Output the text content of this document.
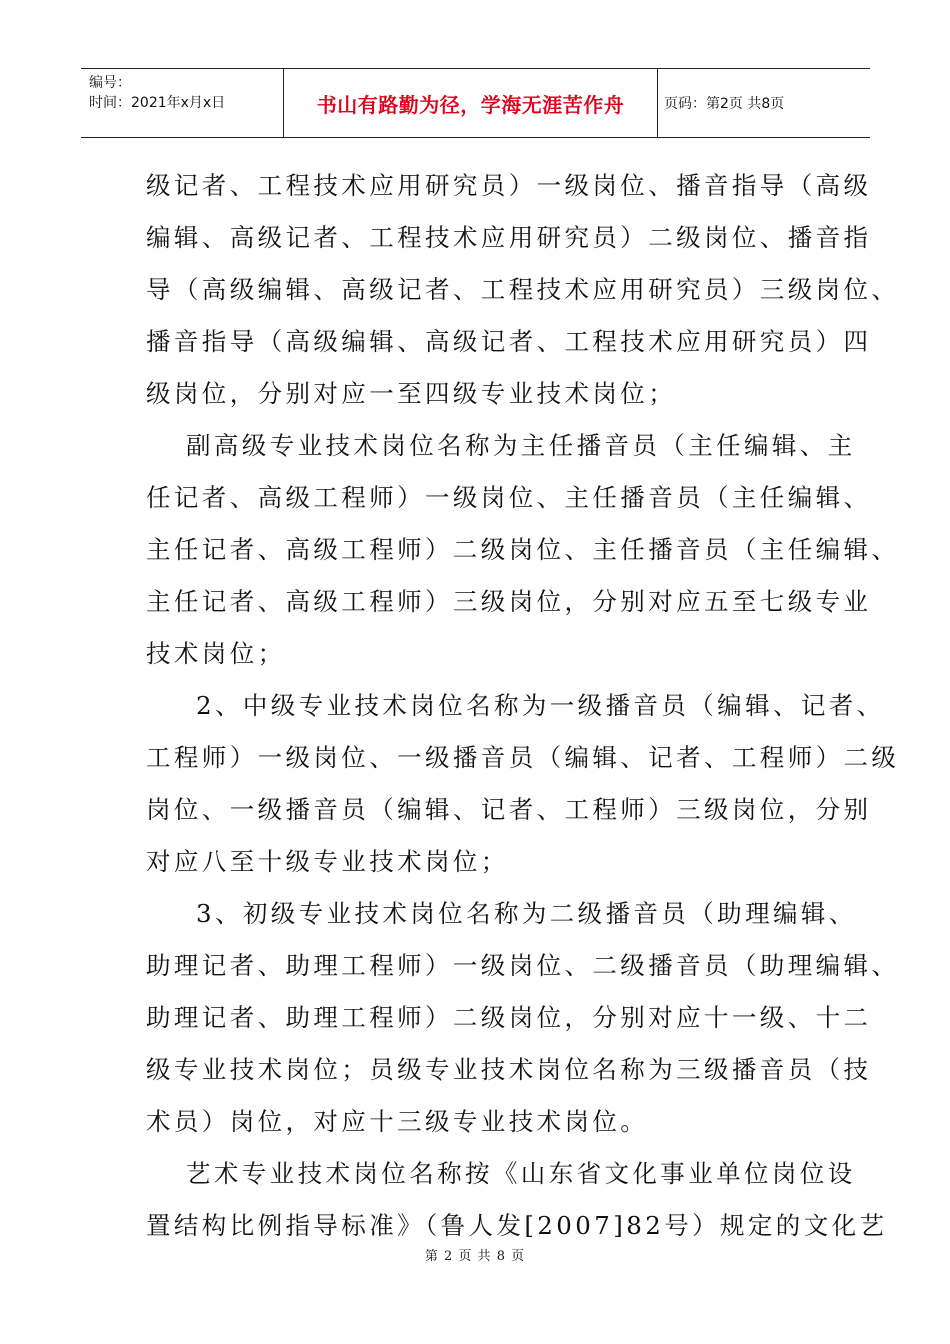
编号：
时间：2021年x月x日	书山有路勤为径，学海无涯苦作舟	页码：第2页 共8页
级记者、工程技术应用研究员）一级岗位、播音指导（高级
编辑、高级记者、工程技术应用研究员）二级岗位、播音指
导（高级编辑、高级记者、工程技术应用研究员）三级岗位、
播音指导（高级编辑、高级记者、工程技术应用研究员）四
级岗位，分别对应一至四级专业技术岗位；
副高级专业技术岗位名称为主任播音员（主任编辑、主
任记者、高级工程师）一级岗位、主任播音员（主任编辑、
主任记者、高级工程师）二级岗位、主任播音员（主任编辑、
主任记者、高级工程师）三级岗位，分别对应五至七级专业
技术岗位；
2、中级专业技术岗位名称为一级播音员（编辑、记者、
工程师）一级岗位、一级播音员（编辑、记者、工程师）二级
岗位、一级播音员（编辑、记者、工程师）三级岗位，分别
对应八至十级专业技术岗位；
3、初级专业技术岗位名称为二级播音员（助理编辑、
助理记者、助理工程师）一级岗位、二级播音员（助理编辑、
助理记者、助理工程师）二级岗位，分别对应十一级、十二
级专业技术岗位；员级专业技术岗位名称为三级播音员（技
术员）岗位，对应十三级专业技术岗位。
艺术专业技术岗位名称按《山东省文化事业单位岗位设
置结构比例指导标准》（鲁人发[2007]82号）规定的文化艺
第 2 页 共 8 页
